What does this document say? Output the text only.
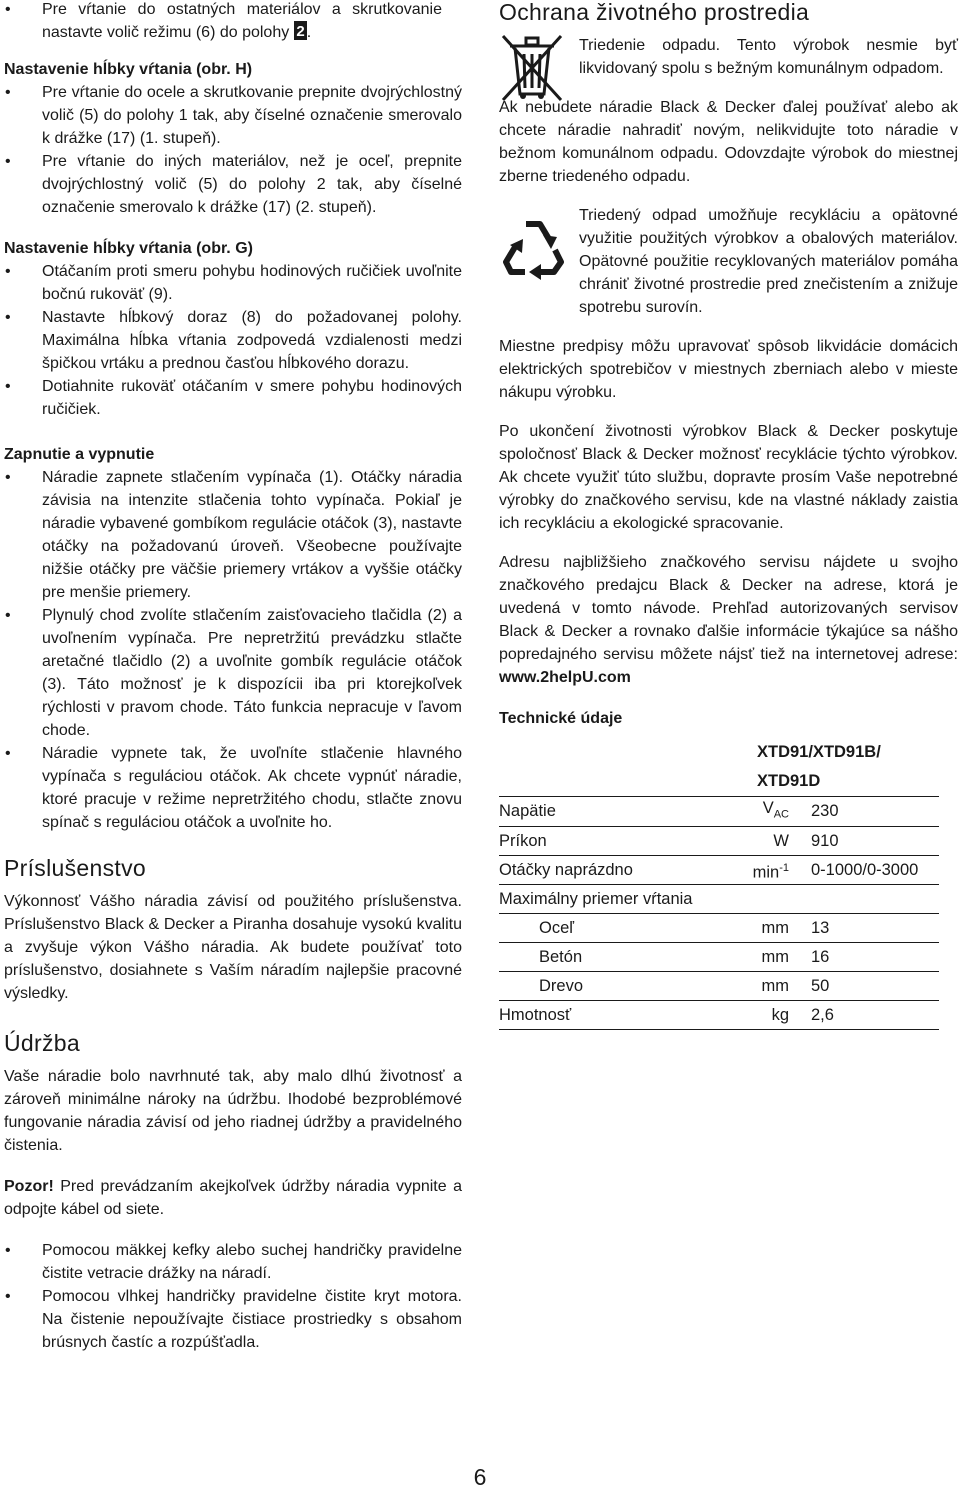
• Pre vŕtanie do ostatných materiálov a skrutkovanie nastavte volič režimu (6) do polohy 2 .
Nastavenie hĺbky vŕtania (obr. H)
• Pre vŕtanie do ocele a skrutkovanie prepnite dvojrýchlostný volič (5) do polohy 1 tak, aby číselné označenie smerovalo k drážke (17) (1. stupeň).
• Pre vŕtanie do iných materiálov, než je oceľ, prepnite dvojrýchlostný volič (5) do polohy 2 tak, aby číselné označenie smerovalo k drážke (17) (2. stupeň).
Nastavenie hĺbky vŕtania (obr. G)
• Otáčaním proti smeru pohybu hodinových ručičiek uvoľnite bočnú rukoväť (9).
• Nastavte hĺbkový doraz (8) do požadovanej polohy. Maximálna hĺbka vŕtania zodpovedá vzdialenosti medzi špičkou vrtáku a prednou časťou hĺbkového dorazu.
• Dotiahnite rukoväť otáčaním v smere pohybu hodinových ručičiek.
Zapnutie a vypnutie
• Náradie zapnete stlačením vypínača (1). Otáčky náradia závisia na intenzite stlačenia tohto vypínača. Pokiaľ je náradie vybavené gombíkom regulácie otáčok (3), nastavte otáčky na požadovanú úroveň. Všeobecne používajte nižšie otáčky pre väčšie priemery vrtákov a vyššie otáčky pre menšie priemery.
• Plynulý chod zvolíte stlačením zaisťovacieho tlačidla (2) a uvoľnením vypínača. Pre nepretržitú prevádzku stlačte aretačné tlačidlo (2) a uvoľnite gombík regulácie otáčok (3). Táto možnosť je k dispozícii iba pri ktorejkoľvek rýchlosti v pravom chode. Táto funkcia nepracuje v ľavom chode.
• Náradie vypnete tak, že uvoľníte stlačenie hlavného vypínača s reguláciou otáčok. Ak chcete vypnúť náradie, ktoré pracuje v režime nepretržitého chodu, stlačte znovu spínač s reguláciou otáčok a uvoľnite ho.
Príslušenstvo

Výkonnosť Vášho náradia závisí od použitého príslušenstva. Príslušenstvo Black & Decker a Piranha dosahuje vysokú kvalitu a zvyšuje výkon Vášho náradia. Ak budete používať toto príslušenstvo, dosiahnete s Vaším náradím najlepšie pracovné výsledky.

Údržba

Vaše náradie bolo navrhnuté tak, aby malo dlhú životnosť a zároveň minimálne nároky na údržbu. Ihodobé bezproblémové fungovanie náradia závisí od jeho riadnej údržby a pravidelného čistenia.

Pozor! Pred prevádzaním akejkoľvek údržby náradia vypnite a odpojte kábel od siete.

• Pomocou mäkkej kefky alebo suchej handričky pravidelne čistite vetracie drážky na náradí.
• Pomocou vlhkej handričky pravidelne čistite kryt motora. Na čistenie nepoužívajte čistiace prostriedky s obsahom brúsnych častíc a rozpúšťadla.
Ochrana životného prostredia

Triedenie odpadu. Tento výrobok nesmie byť likvidovaný spolu s bežným komunálnym odpadom.

Ak nebudete náradie Black & Decker ďalej používať alebo ak chcete náradie nahradiť novým, nelikvidujte toto náradie v bežnom komunálnom odpadu. Odovzdajte výrobok do miestnej zberne triedeného odpadu.

Triedený odpad umožňuje recykláciu a opätovné využitie použitých výrobkov a obalových materiálov. Opätovné použitie recyklovaných materiálov pomáha chrániť životné prostredie pred znečistením a znižuje spotrebu surovín.

Miestne predpisy môžu upravovať spôsob likvidácie domácich elektrických spotrebičov v miestnych zberniach alebo v mieste nákupu výrobku.

Po ukončení životnosti výrobkov Black & Decker poskytuje spoločnosť Black & Decker možnosť recyklácie týchto výrobkov. Ak chcete využiť túto službu, dopravte prosím Vaše nepotrebné výrobky do značkového servisu, kde na vlastné náklady zaistia ich recykláciu a ekologické spracovanie.

Adresu najbližšieho značkového servisu nájdete u svojho značkového predajcu Black & Decker na adrese, ktorá je uvedená v tomto návode. Prehľad autorizovaných servisov Black & Decker a rovnako ďalšie informácie týkajúce sa nášho popredajného servisu môžete nájsť tiež na internetovej adrese: www.2helpU.com

Technické údaje
		XTD91/XTD91B/
		XTD91D
Napätie	$V_{AC}$	230
Príkon	W	910
Otáčky naprázdno	$\min^{-1}$	0-1000/0-3000
Maximálny priemer vŕtania		
Oceľ	mm	13
Betón	mm	16
Drevo	mm	50
Hmotnosť	kg	2,6
6
